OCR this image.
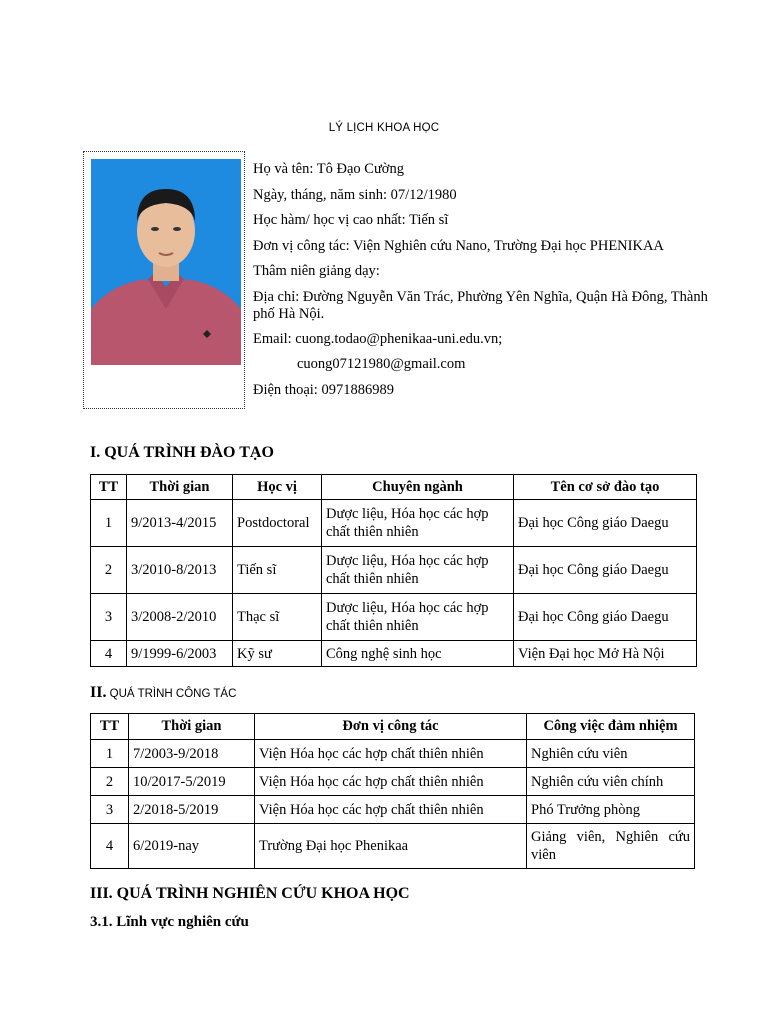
LÝ LỊCH KHOA HỌC
Họ và tên: Tô Đạo Cường
Ngày, tháng, năm sinh: 07/12/1980
Học hàm/ học vị cao nhất: Tiến sĩ
Đơn vị công tác: Viện Nghiên cứu Nano, Trường Đại học PHENIKAA
Thâm niên giảng dạy:
Địa chỉ: Đường Nguyễn Văn Trác, Phường Yên Nghĩa, Quận Hà Đông, Thành phố Hà Nội.
Email: cuong.todao@phenikaa-uni.edu.vn;
cuong07121980@gmail.com
Điện thoại: 0971886989
I. QUÁ TRÌNH ĐÀO TẠO
TT	Thời gian	Học vị	Chuyên ngành	Tên cơ sở đào tạo
1	9/2013-4/2015	Postdoctoral	Dược liệu, Hóa học các hợp chất thiên nhiên	Đại học Công giáo Daegu
2	3/2010-8/2013	Tiến sĩ	Dược liệu, Hóa học các hợp chất thiên nhiên	Đại học Công giáo Daegu
3	3/2008-2/2010	Thạc sĩ	Dược liệu, Hóa học các hợp chất thiên nhiên	Đại học Công giáo Daegu
4	9/1999-6/2003	Kỹ sư	Công nghệ sinh học	Viện Đại học Mở Hà Nội
II. QUÁ TRÌNH CÔNG TÁC
TT	Thời gian	Đơn vị công tác	Công việc đảm nhiệm
1	7/2003-9/2018	Viện Hóa học các hợp chất thiên nhiên	Nghiên cứu viên
2	10/2017-5/2019	Viện Hóa học các hợp chất thiên nhiên	Nghiên cứu viên chính
3	2/2018-5/2019	Viện Hóa học các hợp chất thiên nhiên	Phó Trưởng phòng
4	6/2019-nay	Trường Đại học Phenikaa	Giảng viên, Nghiên cứu viên
III. QUÁ TRÌNH NGHIÊN CỨU KHOA HỌC
3.1. Lĩnh vực nghiên cứu
